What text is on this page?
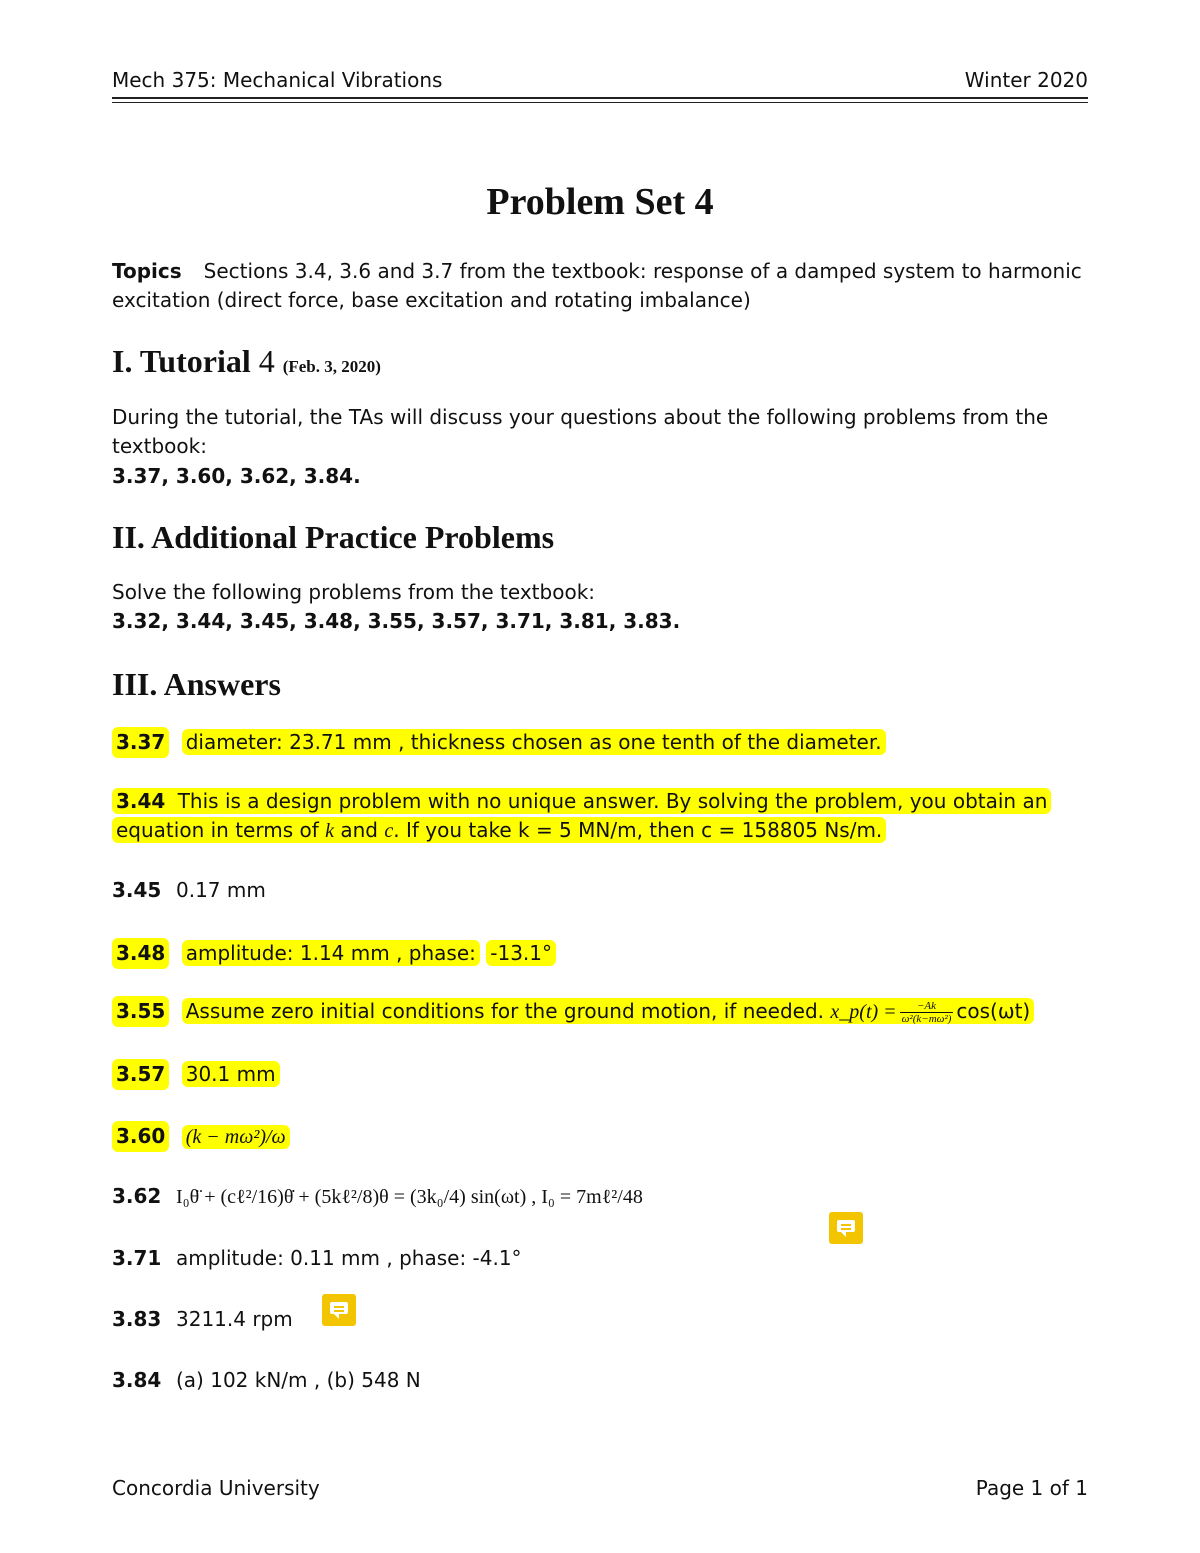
Mech 375: Mechanical Vibrations	Winter 2020
Problem Set 4
Topics Sections 3.4, 3.6 and 3.7 from the textbook: response of a damped system to harmonic excitation (direct force, base excitation and rotating imbalance)
I. Tutorial 4 (Feb. 3, 2020)
During the tutorial, the TAs will discuss your questions about the following problems from the textbook:
3.37, 3.60, 3.62, 3.84.
II. Additional Practice Problems
Solve the following problems from the textbook:
3.32, 3.44, 3.45, 3.48, 3.55, 3.57, 3.71, 3.81, 3.83.
III. Answers
3.37 diameter: 23.71 mm , thickness chosen as one tenth of the diameter.
3.44 This is a design problem with no unique answer. By solving the problem, you obtain an equation in terms of k and c. If you take k = 5 MN/m, then c = 158805 Ns/m.
3.45 0.17 mm
3.48 amplitude: 1.14 mm , phase: -13.1°
3.55 Assume zero initial conditions for the ground motion, if needed. x_p(t) = $\frac{-Ak}{\text{ω²(k−mω²)}} \cos(\omega t)$
3.57 30.1 mm
3.60 (k − mω²)/ω
3.62 I₀θ̈ + (cℓ²/16)θ̇ + (5kℓ²/8)θ = (3k₀/4) sin(ωt) , I₀ = 7mℓ²/48
3.71 amplitude: 0.11 mm , phase: -4.1°
3.83 3211.4 rpm
3.84 (a) 102 kN/m , (b) 548 N
Concordia University	Page 1 of 1
